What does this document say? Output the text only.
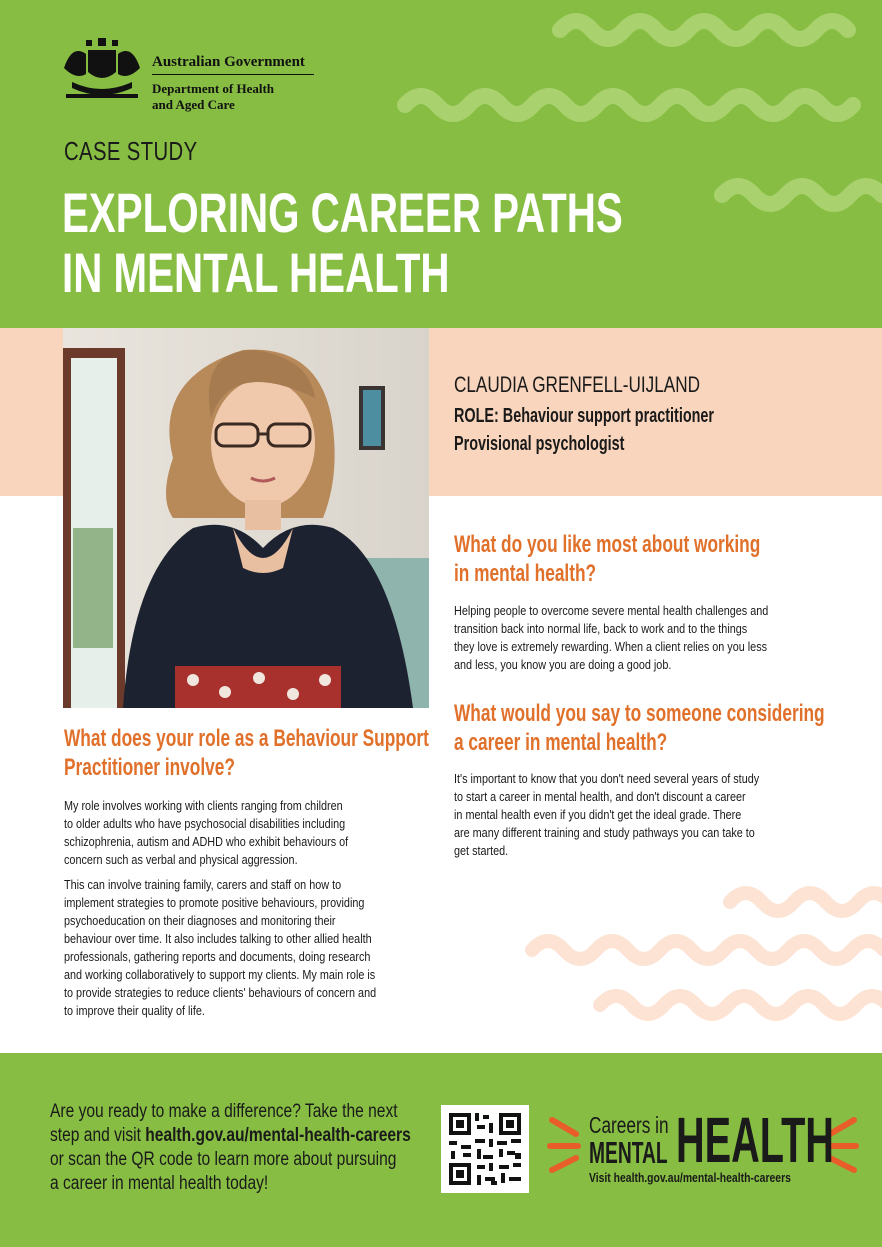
Australian Government
Department of Health
and Aged Care
CASE STUDY
EXPLORING CAREER PATHS
IN MENTAL HEALTH
CLAUDIA GRENFELL-UIJLAND
ROLE: Behaviour support practitioner
Provisional psychologist
What do you like most about working
in mental health?
Helping people to overcome severe mental health challenges and
transition back into normal life, back to work and to the things
they love is extremely rewarding. When a client relies on you less
and less, you know you are doing a good job.
What would you say to someone considering
a career in mental health?
It's important to know that you don't need several years of study
to start a career in mental health, and don't discount a career
in mental health even if you didn't get the ideal grade. There
are many different training and study pathways you can take to
get started.
What does your role as a Behaviour Support
Practitioner involve?
My role involves working with clients ranging from children
to older adults who have psychosocial disabilities including
schizophrenia, autism and ADHD who exhibit behaviours of
concern such as verbal and physical aggression.
This can involve training family, carers and staff on how to
implement strategies to promote positive behaviours, providing
psychoeducation on their diagnoses and monitoring their
behaviour over time. It also includes talking to other allied health
professionals, gathering reports and documents, doing research
and working collaboratively to support my clients. My main role is
to provide strategies to reduce clients' behaviours of concern and
to improve their quality of life.
Are you ready to make a difference? Take the next
step and visit health.gov.au/mental-health-careers
or scan the QR code to learn more about pursuing
a career in mental health today!
Careers in
MENTAL HEALTH
Visit health.gov.au/mental-health-careers
